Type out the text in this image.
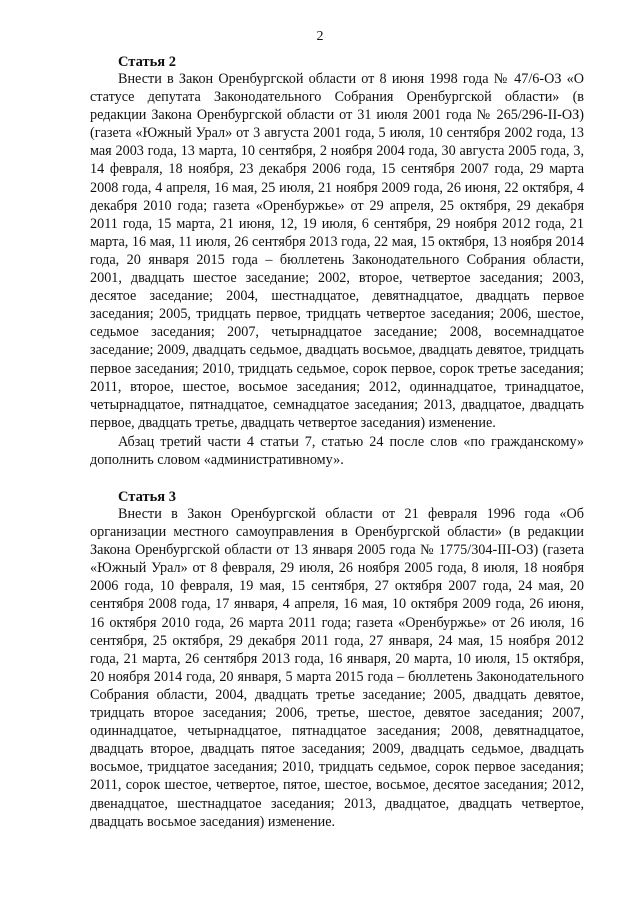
2
Статья 2

Внести в Закон Оренбургской области от 8 июня 1998 года № 47/6-ОЗ «О статусе депутата Законодательного Собрания Оренбургской области» (в редакции Закона Оренбургской области от 31 июля 2001 года № 265/296-II-ОЗ) (газета «Южный Урал» от 3 августа 2001 года, 5 июля, 10 сентября 2002 года, 13 мая 2003 года, 13 марта, 10 сентября, 2 ноября 2004 года, 30 августа 2005 года, 3, 14 февраля, 18 ноября, 23 декабря 2006 года, 15 сентября 2007 года, 29 марта 2008 года, 4 апреля, 16 мая, 25 июля, 21 ноября 2009 года, 26 июня, 22 октября, 4 декабря 2010 года; газета «Оренбуржье» от 29 апреля, 25 октября, 29 декабря 2011 года, 15 марта, 21 июня, 12, 19 июля, 6 сентября, 29 ноября 2012 года, 21 марта, 16 мая, 11 июля, 26 сентября 2013 года, 22 мая, 15 октября, 13 ноября 2014 года, 20 января 2015 года – бюллетень Законодательного Собрания области, 2001, двадцать шестое заседание; 2002, второе, четвертое заседания; 2003, десятое заседание; 2004, шестнадцатое, девятнадцатое, двадцать первое заседания; 2005, тридцать первое, тридцать четвертое заседания; 2006, шестое, седьмое заседания; 2007, четырнадцатое заседание; 2008, восемнадцатое заседание; 2009, двадцать седьмое, двадцать восьмое, двадцать девятое, тридцать первое заседания; 2010, тридцать седьмое, сорок первое, сорок третье заседания; 2011, второе, шестое, восьмое заседания; 2012, одиннадцатое, тринадцатое, четырнадцатое, пятнадцатое, семнадцатое заседания; 2013, двадцатое, двадцать первое, двадцать третье, двадцать четвертое заседания) изменение.

Абзац третий части 4 статьи 7, статью 24 после слов «по гражданскому» дополнить словом «административному».

Статья 3

Внести в Закон Оренбургской области от 21 февраля 1996 года «Об организации местного самоуправления в Оренбургской области» (в редакции Закона Оренбургской области от 13 января 2005 года № 1775/304-III-ОЗ) (газета «Южный Урал» от 8 февраля, 29 июля, 26 ноября 2005 года, 8 июля, 18 ноября 2006 года, 10 февраля, 19 мая, 15 сентября, 27 октября 2007 года, 24 мая, 20 сентября 2008 года, 17 января, 4 апреля, 16 мая, 10 октября 2009 года, 26 июня, 16 октября 2010 года, 26 марта 2011 года; газета «Оренбуржье» от 26 июля, 16 сентября, 25 октября, 29 декабря 2011 года, 27 января, 24 мая, 15 ноября 2012 года, 21 марта, 26 сентября 2013 года, 16 января, 20 марта, 10 июля, 15 октября, 20 ноября 2014 года, 20 января, 5 марта 2015 года – бюллетень Законодательного Собрания области, 2004, двадцать третье заседание; 2005, двадцать девятое, тридцать второе заседания; 2006, третье, шестое, девятое заседания; 2007, одиннадцатое, четырнадцатое, пятнадцатое заседания; 2008, девятнадцатое, двадцать второе, двадцать пятое заседания; 2009, двадцать седьмое, двадцать восьмое, тридцатое заседания; 2010, тридцать седьмое, сорок первое заседания; 2011, сорок шестое, четвертое, пятое, шестое, восьмое, десятое заседания; 2012, двенадцатое, шестнадцатое заседания; 2013, двадцатое, двадцать четвертое, двадцать восьмое заседания) изменение.
